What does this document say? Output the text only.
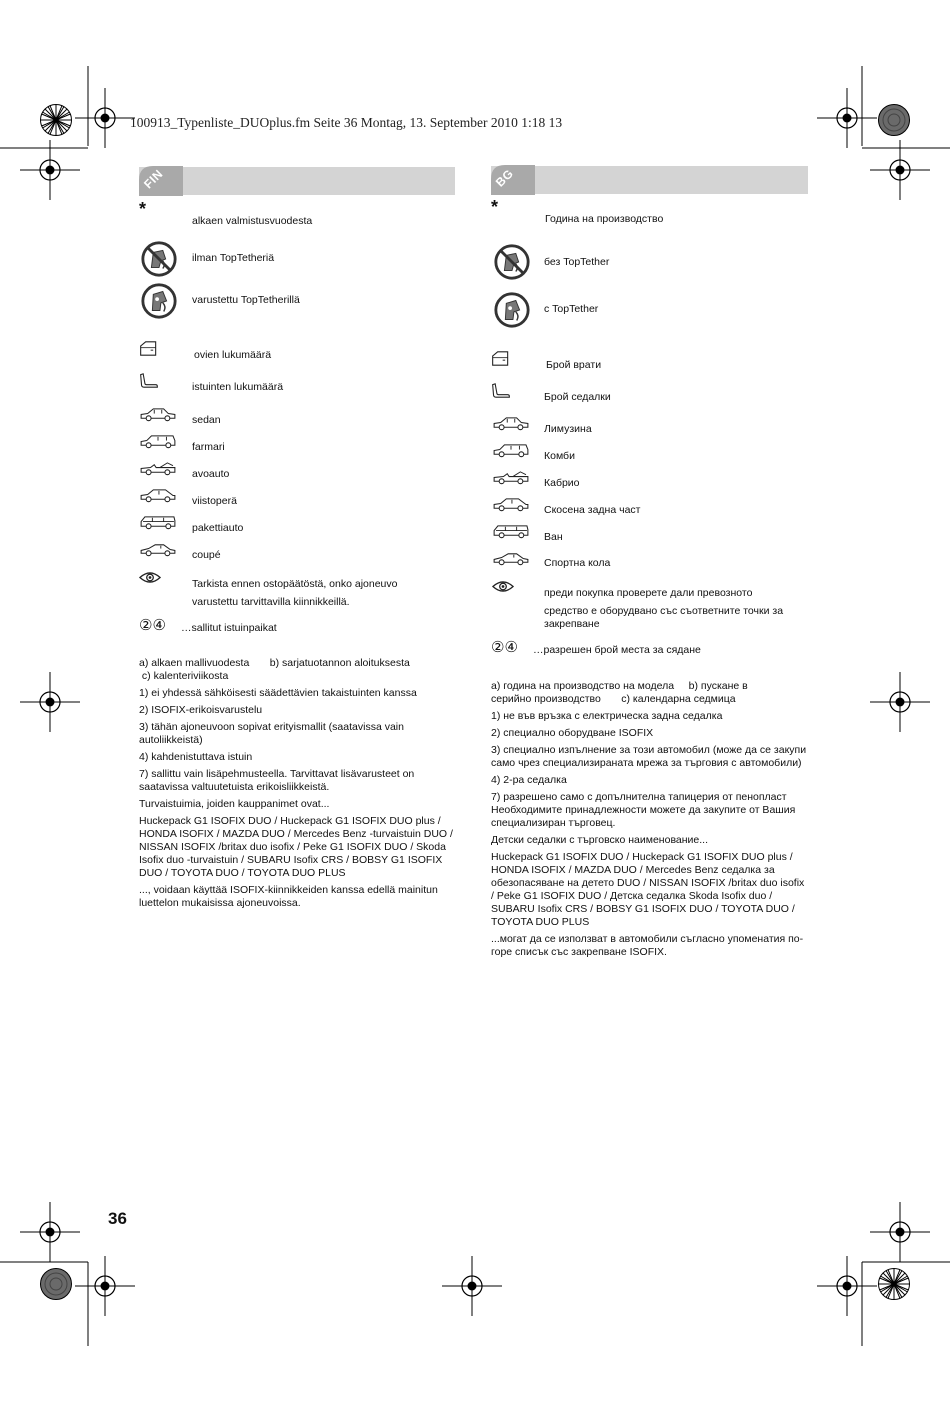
100913_Typenliste_DUOplus.fm Seite 36 Montag, 13. September 2010 1:18 13
FIN
*
alkaen valmistusvuodesta
ilman TopTetheriä
varustettu TopTetherillä
ovien lukumäärä
istuinten lukumäärä
sedan
farmari
avoauto
viistoperä
pakettiauto
coupé
Tarkista ennen ostopäätöstä, onko ajoneuvo
varustettu tarvittavilla kiinnikkeillä.
②④ …sallitut istuinpaikat

a) alkaen mallivuodesta       b) sarjatuotannon aloituksesta

c) kalenteriviikosta

1) ei yhdessä sähköisesti säädettävien takaistuinten kanssa

2) ISOFIX-erikoisvarustelu

3) tähän ajoneuvoon sopivat erityismallit (saatavissa vain autoliikkeistä)

4) kahdenistuttava istuin

7) sallittu vain lisäpehmusteella. Tarvittavat lisävarusteet on saatavissa valtuutetuista erikoisliikkeistä.

Turvaistuimia, joiden kauppanimet ovat...

Huckepack G1 ISOFIX DUO / Huckepack G1 ISOFIX DUO plus / HONDA ISOFIX / MAZDA DUO / Mercedes Benz -turvaistuin DUO / NISSAN ISOFIX /britax duo isofix / Peke G1 ISOFIX DUO / Skoda Isofix duo -turvaistuin / SUBARU Isofix CRS / BOBSY G1 ISOFIX DUO / TOYOTA DUO / TOYOTA DUO PLUS

..., voidaan käyttää ISOFIX-kiinnikkeiden kanssa edellä mainitun luettelon mukaisissa ajoneuvoissa.

BG
*
Година на производство
без TopTether
с TopTether
Брой врати
Брой седалки
Лимузина
Комби
Кабрио
Скосена задна част
Ван
Спортна кола
преди покупка проверете дали превозното
средство е оборудвано със съответните точки за
закрепване
②④ …разрешен брой места за сядане

a) година на производство на модела     b) пускане в

серийно производство       c) календарна седмица

1) не във връзка с електрическа задна седалка

2) специално оборудване ISOFIX

3) специално изпълнение за този автомобил (може да се закупи само чрез специализираната мрежа за търговия с автомобили)

4) 2-ра седалка

7) разрешено само с допълнителна тапицерия от пенопласт Необходимите принадлежности можете да закупите от Вашия специализиран търговец.

Детски седалки с търговско наименование...

Huckepack G1 ISOFIX DUO / Huckepack G1 ISOFIX DUO plus / HONDA ISOFIX / MAZDA DUO / Mercedes Benz седалка за обезопасяване на детето DUO / NISSAN ISOFIX /britax duo isofix / Peke G1 ISOFIX DUO / Детска седалка Skoda Isofix duo / SUBARU Isofix CRS / BOBSY G1 ISOFIX DUO / TOYOTA DUO / TOYOTA DUO PLUS

...могат да се използват в автомобили съгласно упоменатия по-горе списък със закрепване ISOFIX.

36
